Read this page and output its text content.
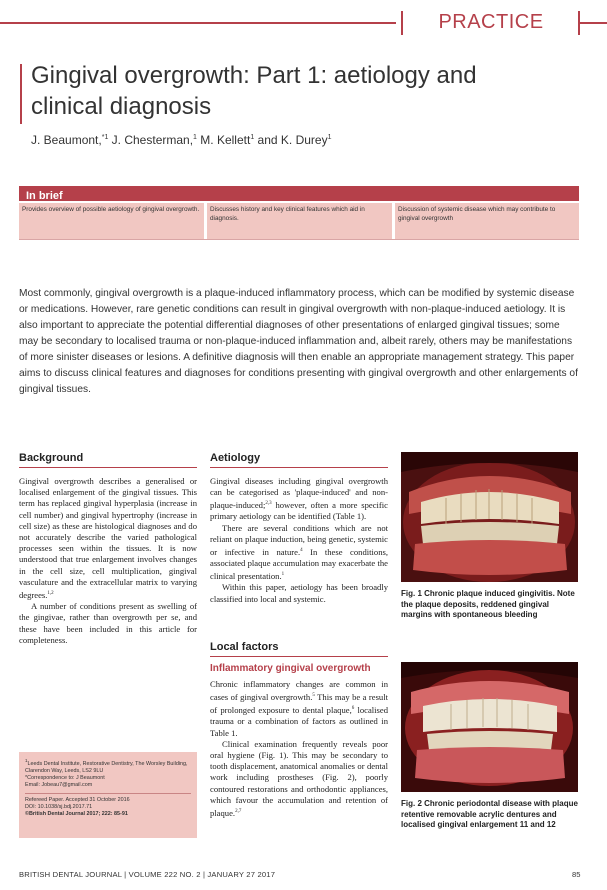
PRACTICE
Gingival overgrowth: Part 1: aetiology and
clinical diagnosis
J. Beaumont,$^{*1}$ J. Chesterman,$^1$ M. Kellett$^1$ and K. Durey$^1$
In brief
Provides overview of possible aetiology of gingival overgrowth.	Discusses history and key clinical features which aid in diagnosis.
Discussion of systemic disease which may contribute to gingival overgrowth
Most commonly, gingival overgrowth is a plaque-induced inflammatory process, which can be modified by systemic disease or medications. However, rare genetic conditions can result in gingival overgrowth with non-plaque-induced aetiology. It is also important to appreciate the potential differential diagnoses of other presentations of enlarged gingival tissues; some may be secondary to localised trauma or non-plaque-induced inflammation and, albeit rarely, others may be manifestations of more sinister diseases or lesions. A definitive diagnosis will then enable an appropriate management strategy. This paper aims to discuss clinical features and diagnoses for conditions presenting with gingival overgrowth and other enlargements of gingival tissues.
Background

Gingival overgrowth describes a generalised or localised enlargement of the gingival tissues. This term has replaced gingival hyperplasia (increase in cell number) and gingival hypertrophy (increase in cell size) as these are histological diagnoses and do not accurately describe the varied pathological processes seen within the tissues. It is now understood that true enlargement involves changes in the cell size, cell multiplication, gingival vasculature and the extracellular matrix to varying degrees.$^{1,2}$

A number of conditions present as swelling of the gingivae, rather than overgrowth per se, and these have been included in this article for completeness.

$^1$Leeds Dental Institute, Restorative Dentistry, The Worsley Building, Clarendon Way, Leeds, LS2 9LU
*Correspondence to: J Beaumont
Email: Jobeau7@gmail.com
Refereed Paper. Accepted 31 October 2016
DOI: 10.1038/sj.bdj.2017.71
©British Dental Journal 2017; 222: 85-91
Aetiology

Gingival diseases including gingival overgrowth can be categorised as 'plaque-induced' and non-plaque-induced;$^{2,3}$ however, often a more specific primary aetiology can be identified (Table 1).

There are several conditions which are not reliant on plaque induction, being genetic, systemic or infective in nature.$^4$ In these conditions, associated plaque accumulation may exacerbate the clinical presentation.$^1$

Within this paper, aetiology has been broadly classified into local and systemic.

Local factors
Inflammatory gingival overgrowth

Chronic inflammatory changes are common in cases of gingival overgrowth.$^5$ This may be a result of prolonged exposure to dental plaque,$^6$ localised trauma or a combination of factors as outlined in Table 1.

Clinical examination frequently reveals poor oral hygiene (Fig. 1). This may be secondary to tooth displacement, anatomical anomalies or dental work including prostheses (Fig. 2), poorly contoured restorations and orthodontic appliances, which favour the accumulation and retention of plaque.$^{2,7}$

Fig. 1 Chronic plaque induced gingivitis. Note the plaque deposits, reddened gingival margins with spontaneous bleeding
Fig. 2 Chronic periodontal disease with plaque retentive removable acrylic dentures and localised gingival enlargement 11 and 12
BRITISH DENTAL JOURNAL | VOLUME 222 NO. 2 | JANUARY 27 2017	85
